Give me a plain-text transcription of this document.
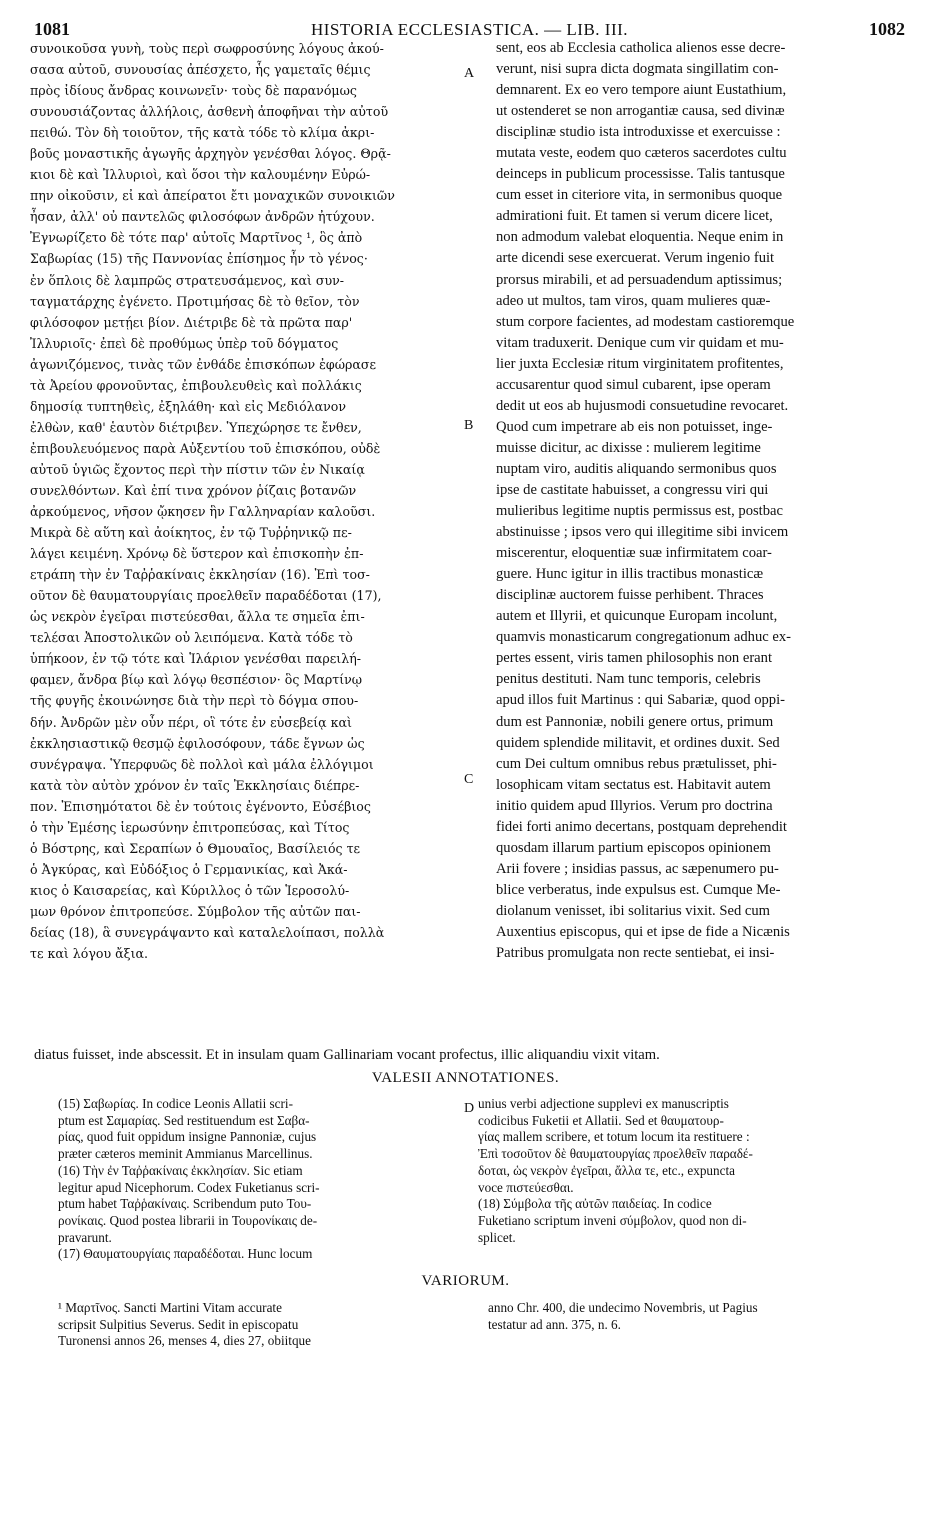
1081	HISTORIA ECCLESIASTICA. — LIB. III.	1082
συνοικοῦσα γυνὴ, τοὺς περὶ σωφροσύνης λόγους ἀκού-
σασα αὐτοῦ, συνουσίας ἀπέσχετο, ἧς γαμεταῖς θέμις
πρὸς ἰδίους ἄνδρας κοινωνεῖν· τοὺς δὲ παρανόμως
συνουσιάζοντας ἀλλήλοις, ἀσθενὴ ἀποφῆναι τὴν αὐτοῦ
πειθώ. Τὸν δὴ τοιοῦτον, τῆς κατὰ τόδε τὸ κλίμα ἀκρι-
βοῦς μοναστικῆς ἀγωγῆς ἀρχηγὸν γενέσθαι λόγος. Θρᾷ-
κιοι δὲ καὶ Ἰλλυριοὶ, καὶ ὅσοι τὴν καλουμένην Εὐρώ-
πην οἰκοῦσιν, εἰ καὶ ἀπείρατοι ἔτι μοναχικῶν συνοικιῶν
ἦσαν, ἀλλ' οὐ παντελῶς φιλοσόφων ἀνδρῶν ἠτύχουν.
Ἐγνωρίζετο δὲ τότε παρ' αὐτοῖς Μαρτῖνος ¹, ὃς ἀπὸ
Σαβωρίας (15) τῆς Παννονίας ἐπίσημος ἦν τὸ γένος·
ἐν ὅπλοις δὲ λαμπρῶς στρατευσάμενος, καὶ συν-
ταγματάρχης ἐγένετο. Προτιμήσας δὲ τὸ θεῖον, τὸν
φιλόσοφον μετῄει βίον. Διέτριβε δὲ τὰ πρῶτα παρ'
Ἰλλυριοῖς· ἐπεὶ δὲ προθύμως ὑπὲρ τοῦ δόγματος
ἀγωνιζόμενος, τινὰς τῶν ἐνθάδε ἐπισκόπων ἐφώρασε
τὰ Ἀρείου φρονοῦντας, ἐπιβουλευθεὶς καὶ πολλάκις
δημοσίᾳ τυπτηθεὶς, ἐξηλάθη· καὶ εἰς Μεδιόλανον
ἐλθὼν, καθ' ἑαυτὸν διέτριβεν. Ὑπεχώρησε τε ἔνθεν,
ἐπιβουλευόμενος παρὰ Αὐξεντίου τοῦ ἐπισκόπου, οὐδὲ
αὐτοῦ ὑγιῶς ἔχοντος περὶ τὴν πίστιν τῶν ἐν Νικαίᾳ
συνελθόντων. Καὶ ἐπί τινα χρόνον ῥίζαις βοτανῶν
ἀρκούμενος, νῆσον ᾤκησεν ἣν Γαλληναρίαν καλοῦσι.
Μικρὰ δὲ αὕτη καὶ ἀοίκητος, ἐν τῷ Τυῤῥηνικῷ πε-
λάγει κειμένη. Χρόνῳ δὲ ὕστερον καὶ ἐπισκοπὴν ἐπ-
ετράπη τὴν ἐν Ταῤῥακίναις ἐκκλησίαν (16). Ἐπὶ τοσ-
οῦτον δὲ θαυματουργίαις προελθεῖν παραδέδοται (17),
ὡς νεκρὸν ἐγεῖραι πιστεύεσθαι, ἄλλα τε σημεῖα ἐπι-
τελέσαι Ἀποστολικῶν οὐ λειπόμενα. Κατὰ τόδε τὸ
ὑπήκοον, ἐν τῷ τότε καὶ Ἱλάριον γενέσθαι παρειλή-
φαμεν, ἄνδρα βίῳ καὶ λόγῳ θεσπέσιον· ὃς Μαρτίνῳ
τῆς φυγῆς ἐκοινώνησε διὰ τὴν περὶ τὸ δόγμα σπου-
δήν. Ἀνδρῶν μὲν οὖν πέρι, οἳ τότε ἐν εὐσεβείᾳ καὶ
ἐκκλησιαστικῷ θεσμῷ ἐφιλοσόφουν, τάδε ἔγνων ὡς
συνέγραψα. Ὑπερφυῶς δὲ πολλοὶ καὶ μάλα ἐλλόγιμοι
κατὰ τὸν αὐτὸν χρόνον ἐν ταῖς Ἐκκλησίαις διέπρε-
πον. Ἐπισημότατοι δὲ ἐν τούτοις ἐγένοντο, Εὐσέβιος
ὁ τὴν Ἐμέσης ἱερωσύνην ἐπιτροπεύσας, καὶ Τίτος
ὁ Βόστρης, καὶ Σεραπίων ὁ Θμουαῖος, Βασίλειός τε
ὁ Ἀγκύρας, καὶ Εὐδόξιος ὁ Γερμανικίας, καὶ Ἀκά-
κιος ὁ Καισαρείας, καὶ Κύριλλος ὁ τῶν Ἱεροσολύ-
μων θρόνον ἐπιτροπεύσε. Σύμβολον τῆς αὐτῶν παι-
δείας (18), ἃ συνεγράψαντο καὶ καταλελοίπασι, πολλὰ
τε καὶ λόγου ἄξια.
sent, eos ab Ecclesia catholica alienos esse decre-
verunt, nisi supra dicta dogmata singillatim con-
demnarent. Ex eo vero tempore aiunt Eustathium,
ut ostenderet se non arrogantiæ causa, sed divinæ
disciplinæ studio ista introduxisse et exercuisse :
mutata veste, eodem quo cæteros sacerdotes cultu
deinceps in publicum processisse. Talis tantusque
cum esset in citeriore vita, in sermonibus quoque
admirationi fuit. Et tamen si verum dicere licet,
non admodum valebat eloquentia. Neque enim in
arte dicendi sese exercuerat. Verum ingenio fuit
prorsus mirabili, et ad persuadendum aptissimus;
adeo ut multos, tam viros, quam mulieres quæ-
stum corpore facientes, ad modestam castioremque
vitam traduxerit. Denique cum vir quidam et mu-
lier juxta Ecclesiæ ritum virginitatem profitentes,
accusarentur quod simul cubarent, ipse operam
dedit ut eos ab hujusmodi consuetudine revocaret.
Quod cum impetrare ab eis non potuisset, inge-
muisse dicitur, ac dixisse : mulierem legitime
nuptam viro, auditis aliquando sermonibus quos
ipse de castitate habuisset, a congressu viri qui
mulieribus legitime nuptis permissus est, postbac
abstinuisse ; ipsos vero qui illegitime sibi invicem
miscerentur, eloquentiæ suæ infirmitatem coar-
guere. Hunc igitur in illis tractibus monasticæ
disciplinæ auctorem fuisse perhibent. Thraces
autem et Illyrii, et quicunque Europam incolunt,
quamvis monasticarum congregationum adhuc ex-
pertes essent, viris tamen philosophis non erant
penitus destituti. Nam tunc temporis, celebris
apud illos fuit Martinus : qui Sabariæ, quod oppi-
dum est Pannoniæ, nobili genere ortus, primum
quidem splendide militavit, et ordines duxit. Sed
cum Dei cultum omnibus rebus prætulisset, phi-
losophicam vitam sectatus est. Habitavit autem
initio quidem apud Illyrios. Verum pro doctrina
fidei forti animo decertans, postquam deprehendit
quosdam illarum partium episcopos opinionem
Arii fovere ; insidias passus, ac sæpenumero pu-
blice verberatus, inde expulsus est. Cumque Me-
diolanum venisset, ibi solitarius vixit. Sed cum
Auxentius episcopus, qui et ipse de fide a Nicænis
Patribus promulgata non recte sentiebat, ei insi-
A
B
C
D
diatus fuisset, inde abscessit. Et in insulam quam Gallinariam vocant profectus, illic aliquandiu vixit vitam.
VALESII ANNOTATIONES.
(15) Σαβωρίας. In codice Leonis Allatii scri-
ptum est Σαμαρίας. Sed restituendum est Σαβα-
ρίας, quod fuit oppidum insigne Pannoniæ, cujus
præter cæteros meminit Ammianus Marcellinus.
(16) Τὴν ἐν Ταῤῥακίναις ἐκκλησίαν. Sic etiam
legitur apud Nicephorum. Codex Fuketianus scri-
ptum habet Ταῤῥακίναις. Scribendum puto Του-
ρονίκαις. Quod postea librarii in Τουρονίκαις de-
pravarunt.
(17) Θαυματουργίαις παραδέδοται. Hunc locum
unius verbi adjectione supplevi ex manuscriptis
codicibus Fuketii et Allatii. Sed et θαυματουρ-
γίας mallem scribere, et totum locum ita restituere :
Ἐπὶ τοσοῦτον δὲ θαυματουργίας προελθεῖν παραδέ-
δοται, ὡς νεκρὸν ἐγεῖραι, ἄλλα τε, etc., expuncta
voce πιστεύεσθαι.
(18) Σύμβολα τῆς αὐτῶν παιδείας. In codice
Fuketiano scriptum inveni σύμβολον, quod non di-
splicet.
VARIORUM.
¹ Μαρτῖνος. Sancti Martini Vitam accurate
scripsit Sulpitius Severus. Sedit in episcopatu
Turonensi annos 26, menses 4, dies 27, obiitque
anno Chr. 400, die undecimo Novembris, ut Pagius
testatur ad ann. 375, n. 6.
